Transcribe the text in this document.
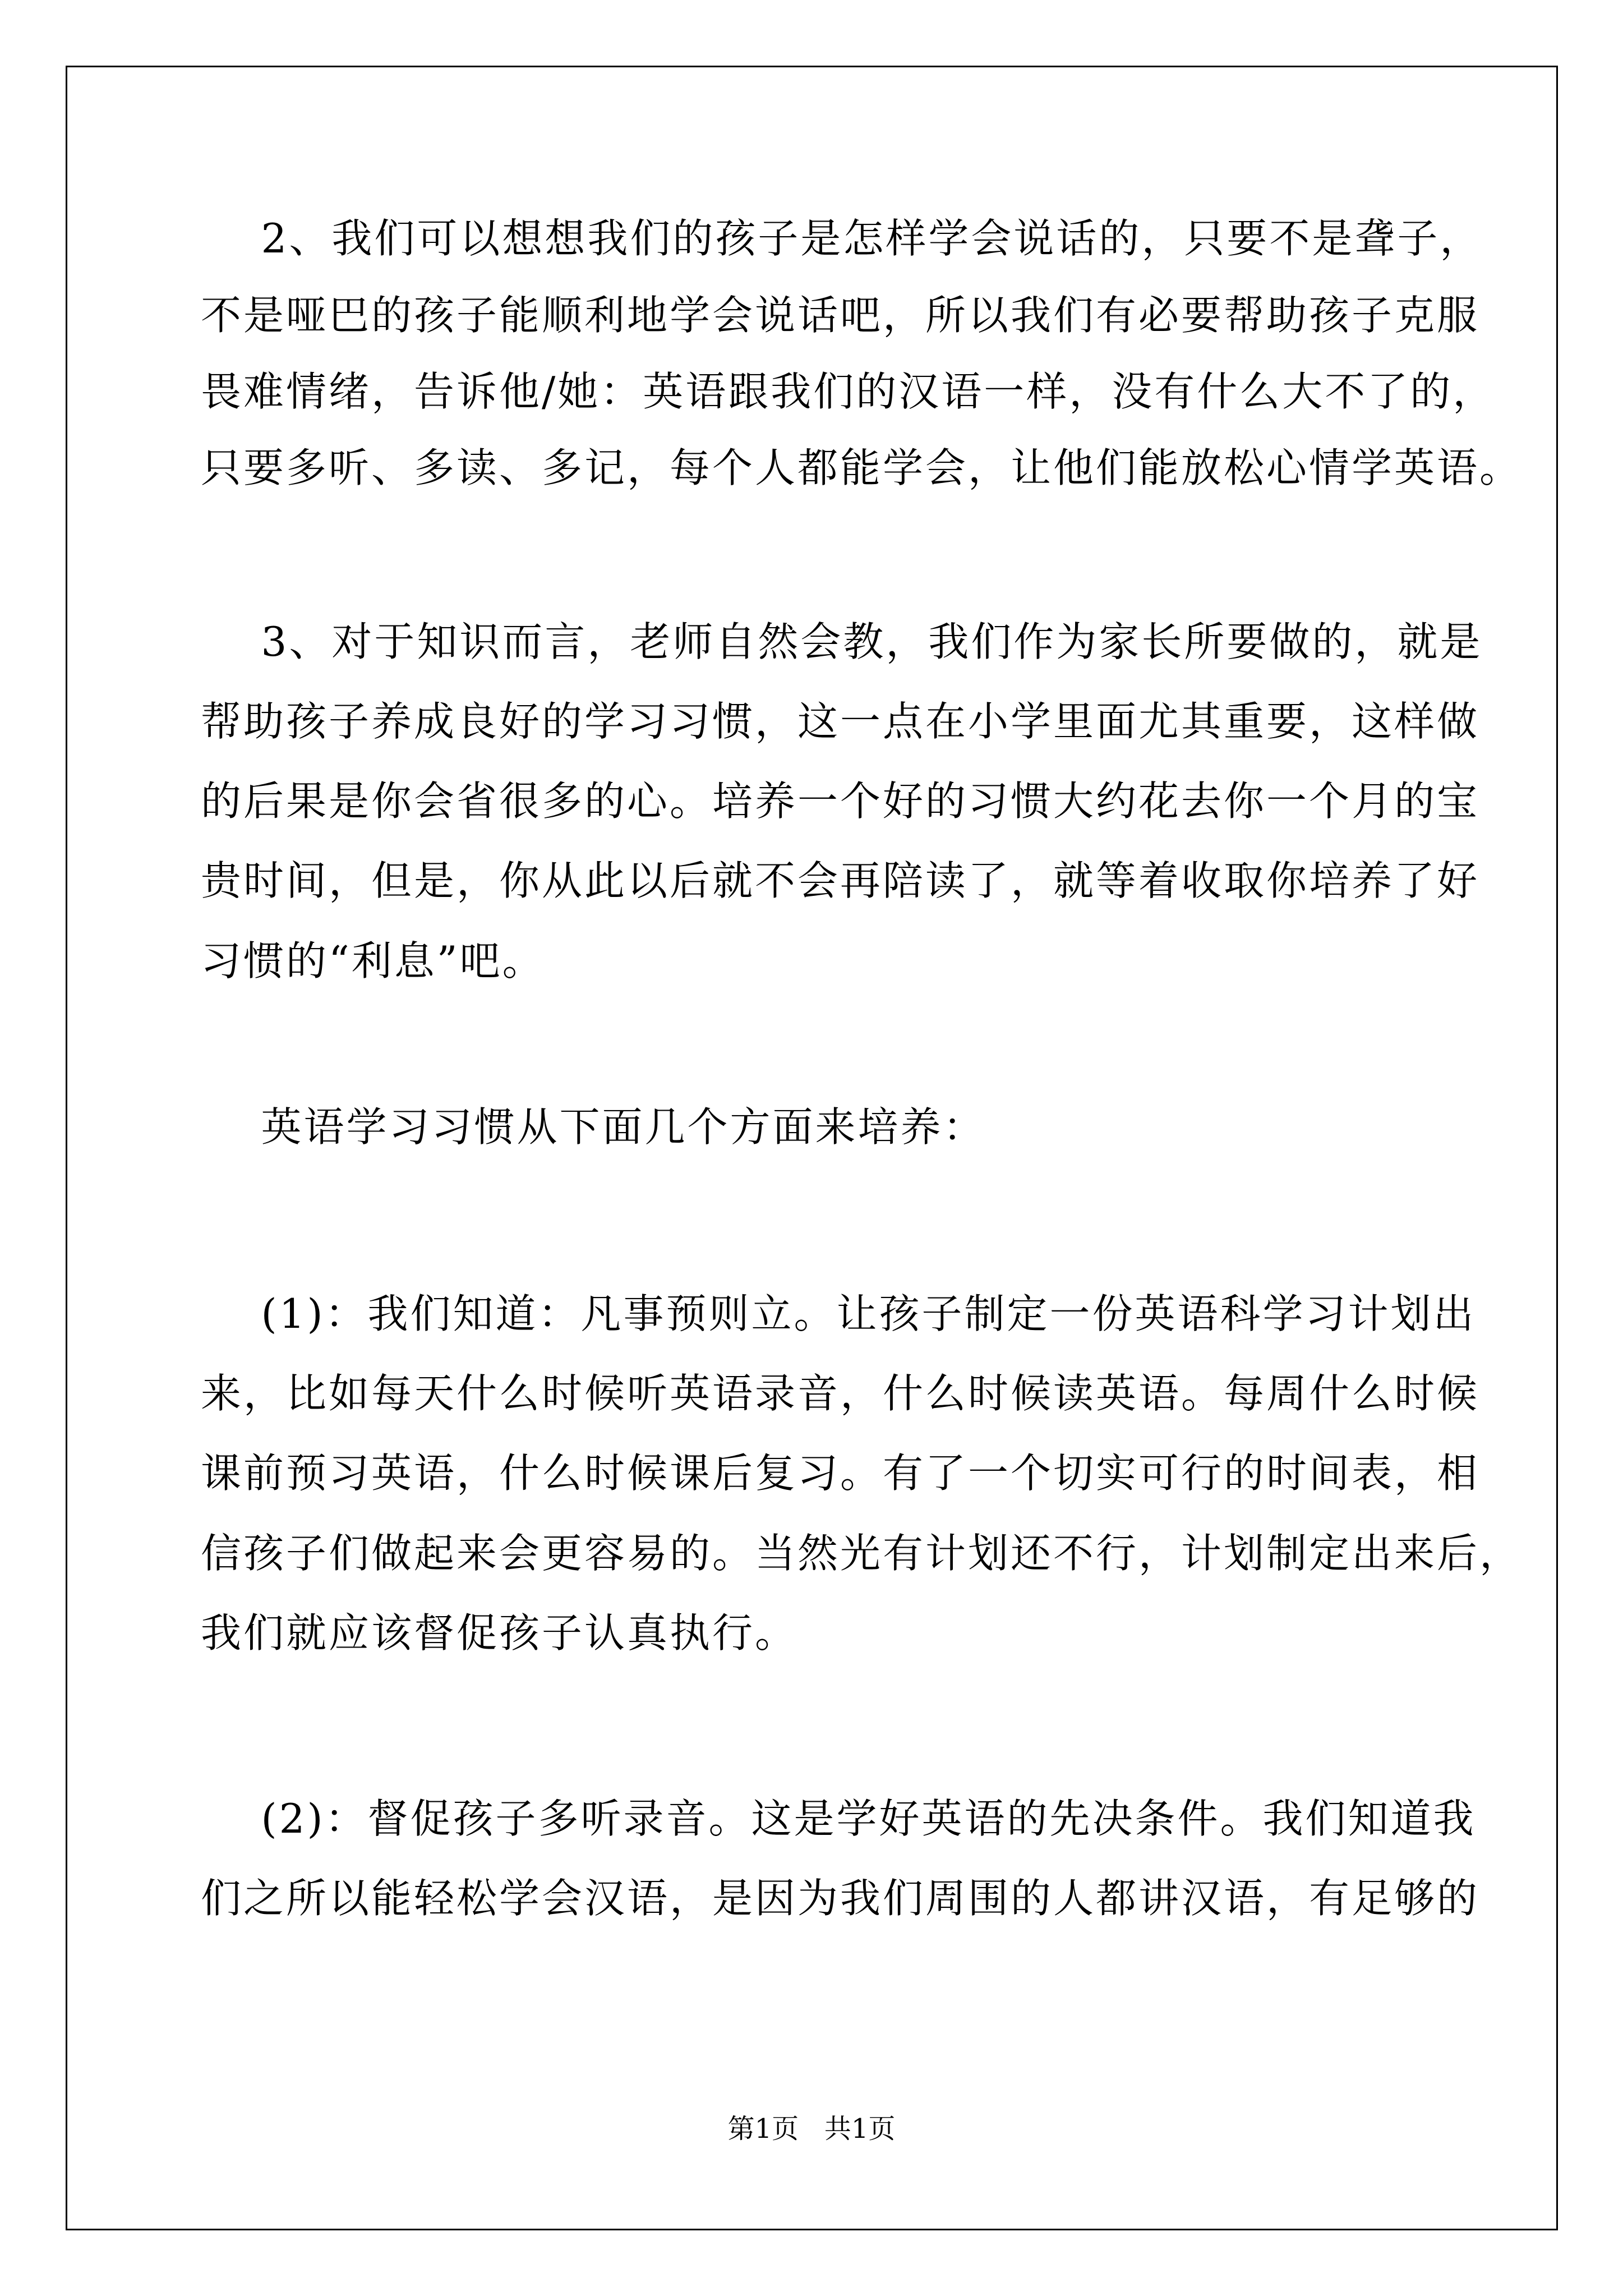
2、我们可以想想我们的孩子是怎样学会说话的，只要不是聋子，
不是哑巴的孩子能顺利地学会说话吧，所以我们有必要帮助孩子克服
畏难情绪，告诉他/她：英语跟我们的汉语一样，没有什么大不了的，
只要多听、多读、多记，每个人都能学会，让他们能放松心情学英语。
3、对于知识而言，老师自然会教，我们作为家长所要做的，就是
帮助孩子养成良好的学习习惯，这一点在小学里面尤其重要，这样做
的后果是你会省很多的心。培养一个好的习惯大约花去你一个月的宝
贵时间，但是，你从此以后就不会再陪读了，就等着收取你培养了好
习惯的“利息”吧。
英语学习习惯从下面几个方面来培养：
(1)：我们知道：凡事预则立。让孩子制定一份英语科学习计划出
来，比如每天什么时候听英语录音，什么时候读英语。每周什么时候
课前预习英语，什么时候课后复习。有了一个切实可行的时间表，相
信孩子们做起来会更容易的。当然光有计划还不行，计划制定出来后，
我们就应该督促孩子认真执行。
(2)：督促孩子多听录音。这是学好英语的先决条件。我们知道我
们之所以能轻松学会汉语，是因为我们周围的人都讲汉语，有足够的
第1页   共1页
